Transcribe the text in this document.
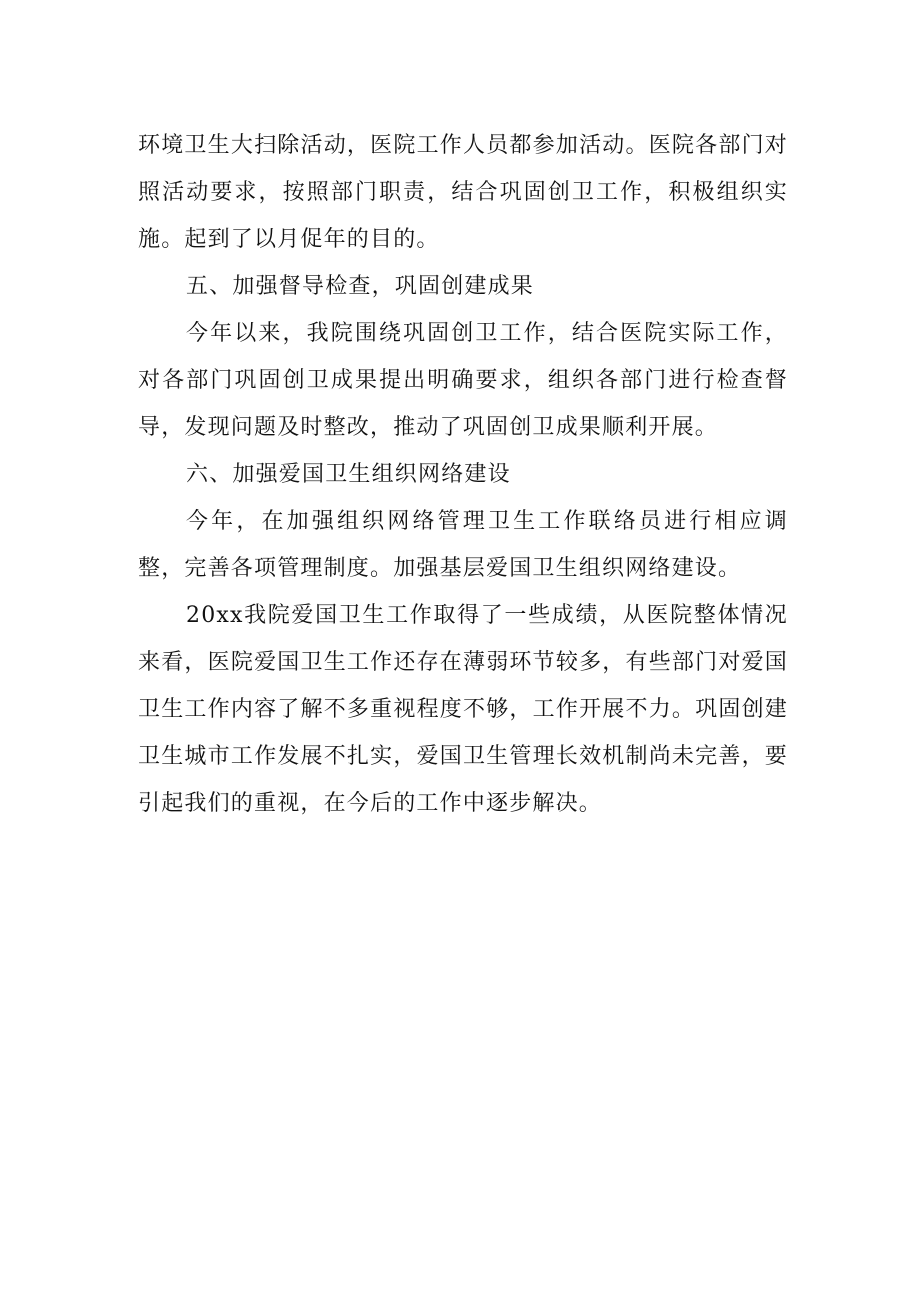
环境卫生大扫除活动，医院工作人员都参加活动。医院各部门对照活动要求，按照部门职责，结合巩固创卫工作，积极组织实施。起到了以月促年的目的。

五、加强督导检查，巩固创建成果

今年以来，我院围绕巩固创卫工作，结合医院实际工作，对各部门巩固创卫成果提出明确要求，组织各部门进行检查督导，发现问题及时整改，推动了巩固创卫成果顺利开展。

六、加强爱国卫生组织网络建设

今年，在加强组织网络管理卫生工作联络员进行相应调整，完善各项管理制度。加强基层爱国卫生组织网络建设。

20xx我院爱国卫生工作取得了一些成绩，从医院整体情况来看，医院爱国卫生工作还存在薄弱环节较多，有些部门对爱国卫生工作内容了解不多重视程度不够，工作开展不力。巩固创建卫生城市工作发展不扎实，爱国卫生管理长效机制尚未完善，要引起我们的重视，在今后的工作中逐步解决。
